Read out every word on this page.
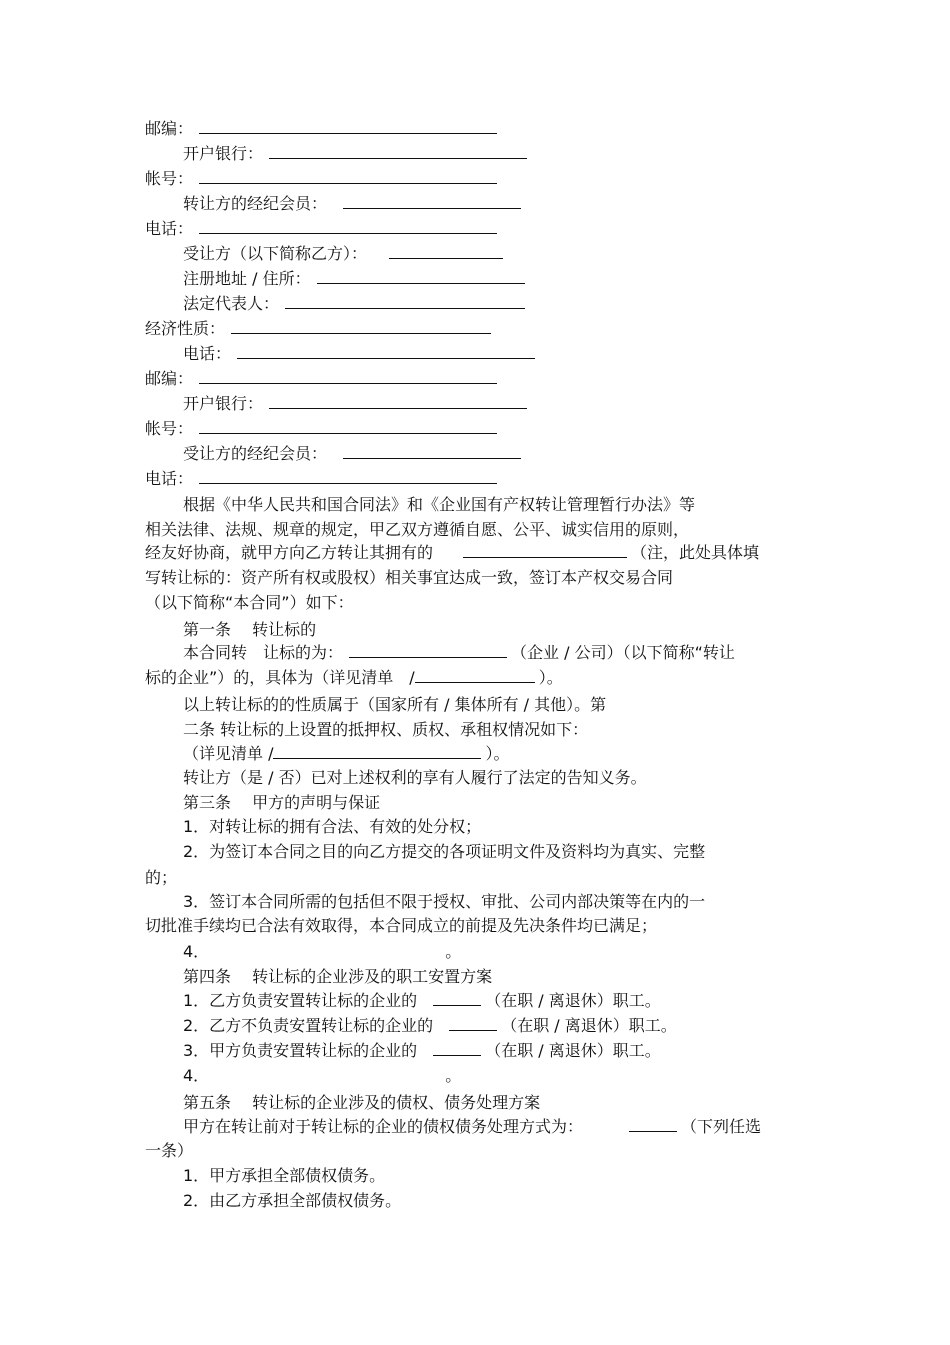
邮编：
开户银行：
帐号：
转让方的经纪会员：
电话：
受让方（以下简称乙方）：
注册地址 / 住所：
法定代表人：
经济性质：
电话：
邮编：
开户银行：
帐号：
受让方的经纪会员：
电话：
根据《中华人民共和国合同法》和《企业国有产权转让管理暂行办法》等
相关法律、法规、规章的规定，甲乙双方遵循自愿、公平、诚实信用的原则，
经友好协商，就甲方向乙方转让其拥有的	（注，此处具体填
写转让标的：资产所有权或股权）相关事宜达成一致，签订本产权交易合同
（以下简称“本合同”）如下：
第一条　 转让标的
本合同转　让标的为：	（企业 / 公司）（以下简称“转让
标的企业”）的，具体为（详见清单　/	）。
以上转让标的的性质属于（国家所有 / 集体所有 / 其他）。第
二条 转让标的上设置的抵押权、质权、承租权情况如下：
（详见清单 /	）。
转让方（是 / 否）已对上述权利的享有人履行了法定的告知义务。
第三条　 甲方的声明与保证
1．对转让标的拥有合法、有效的处分权；
2．为签订本合同之目的向乙方提交的各项证明文件及资料均为真实、完整
的；
3．签订本合同所需的包括但不限于授权、审批、公司内部决策等在内的一
切批准手续均已合法有效取得，本合同成立的前提及先决条件均已满足；
4．	。
第四条　 转让标的企业涉及的职工安置方案
1．乙方负责安置转让标的企业的	（在职 / 离退休）职工。
2．乙方不负责安置转让标的企业的	（在职 / 离退休）职工。
3．甲方负责安置转让标的企业的	（在职 / 离退休）职工。
4．	。
第五条　 转让标的企业涉及的债权、债务处理方案
甲方在转让前对于转让标的企业的债权债务处理方式为：	（下列任选
一条）
1．甲方承担全部债权债务。
2．由乙方承担全部债权债务。
